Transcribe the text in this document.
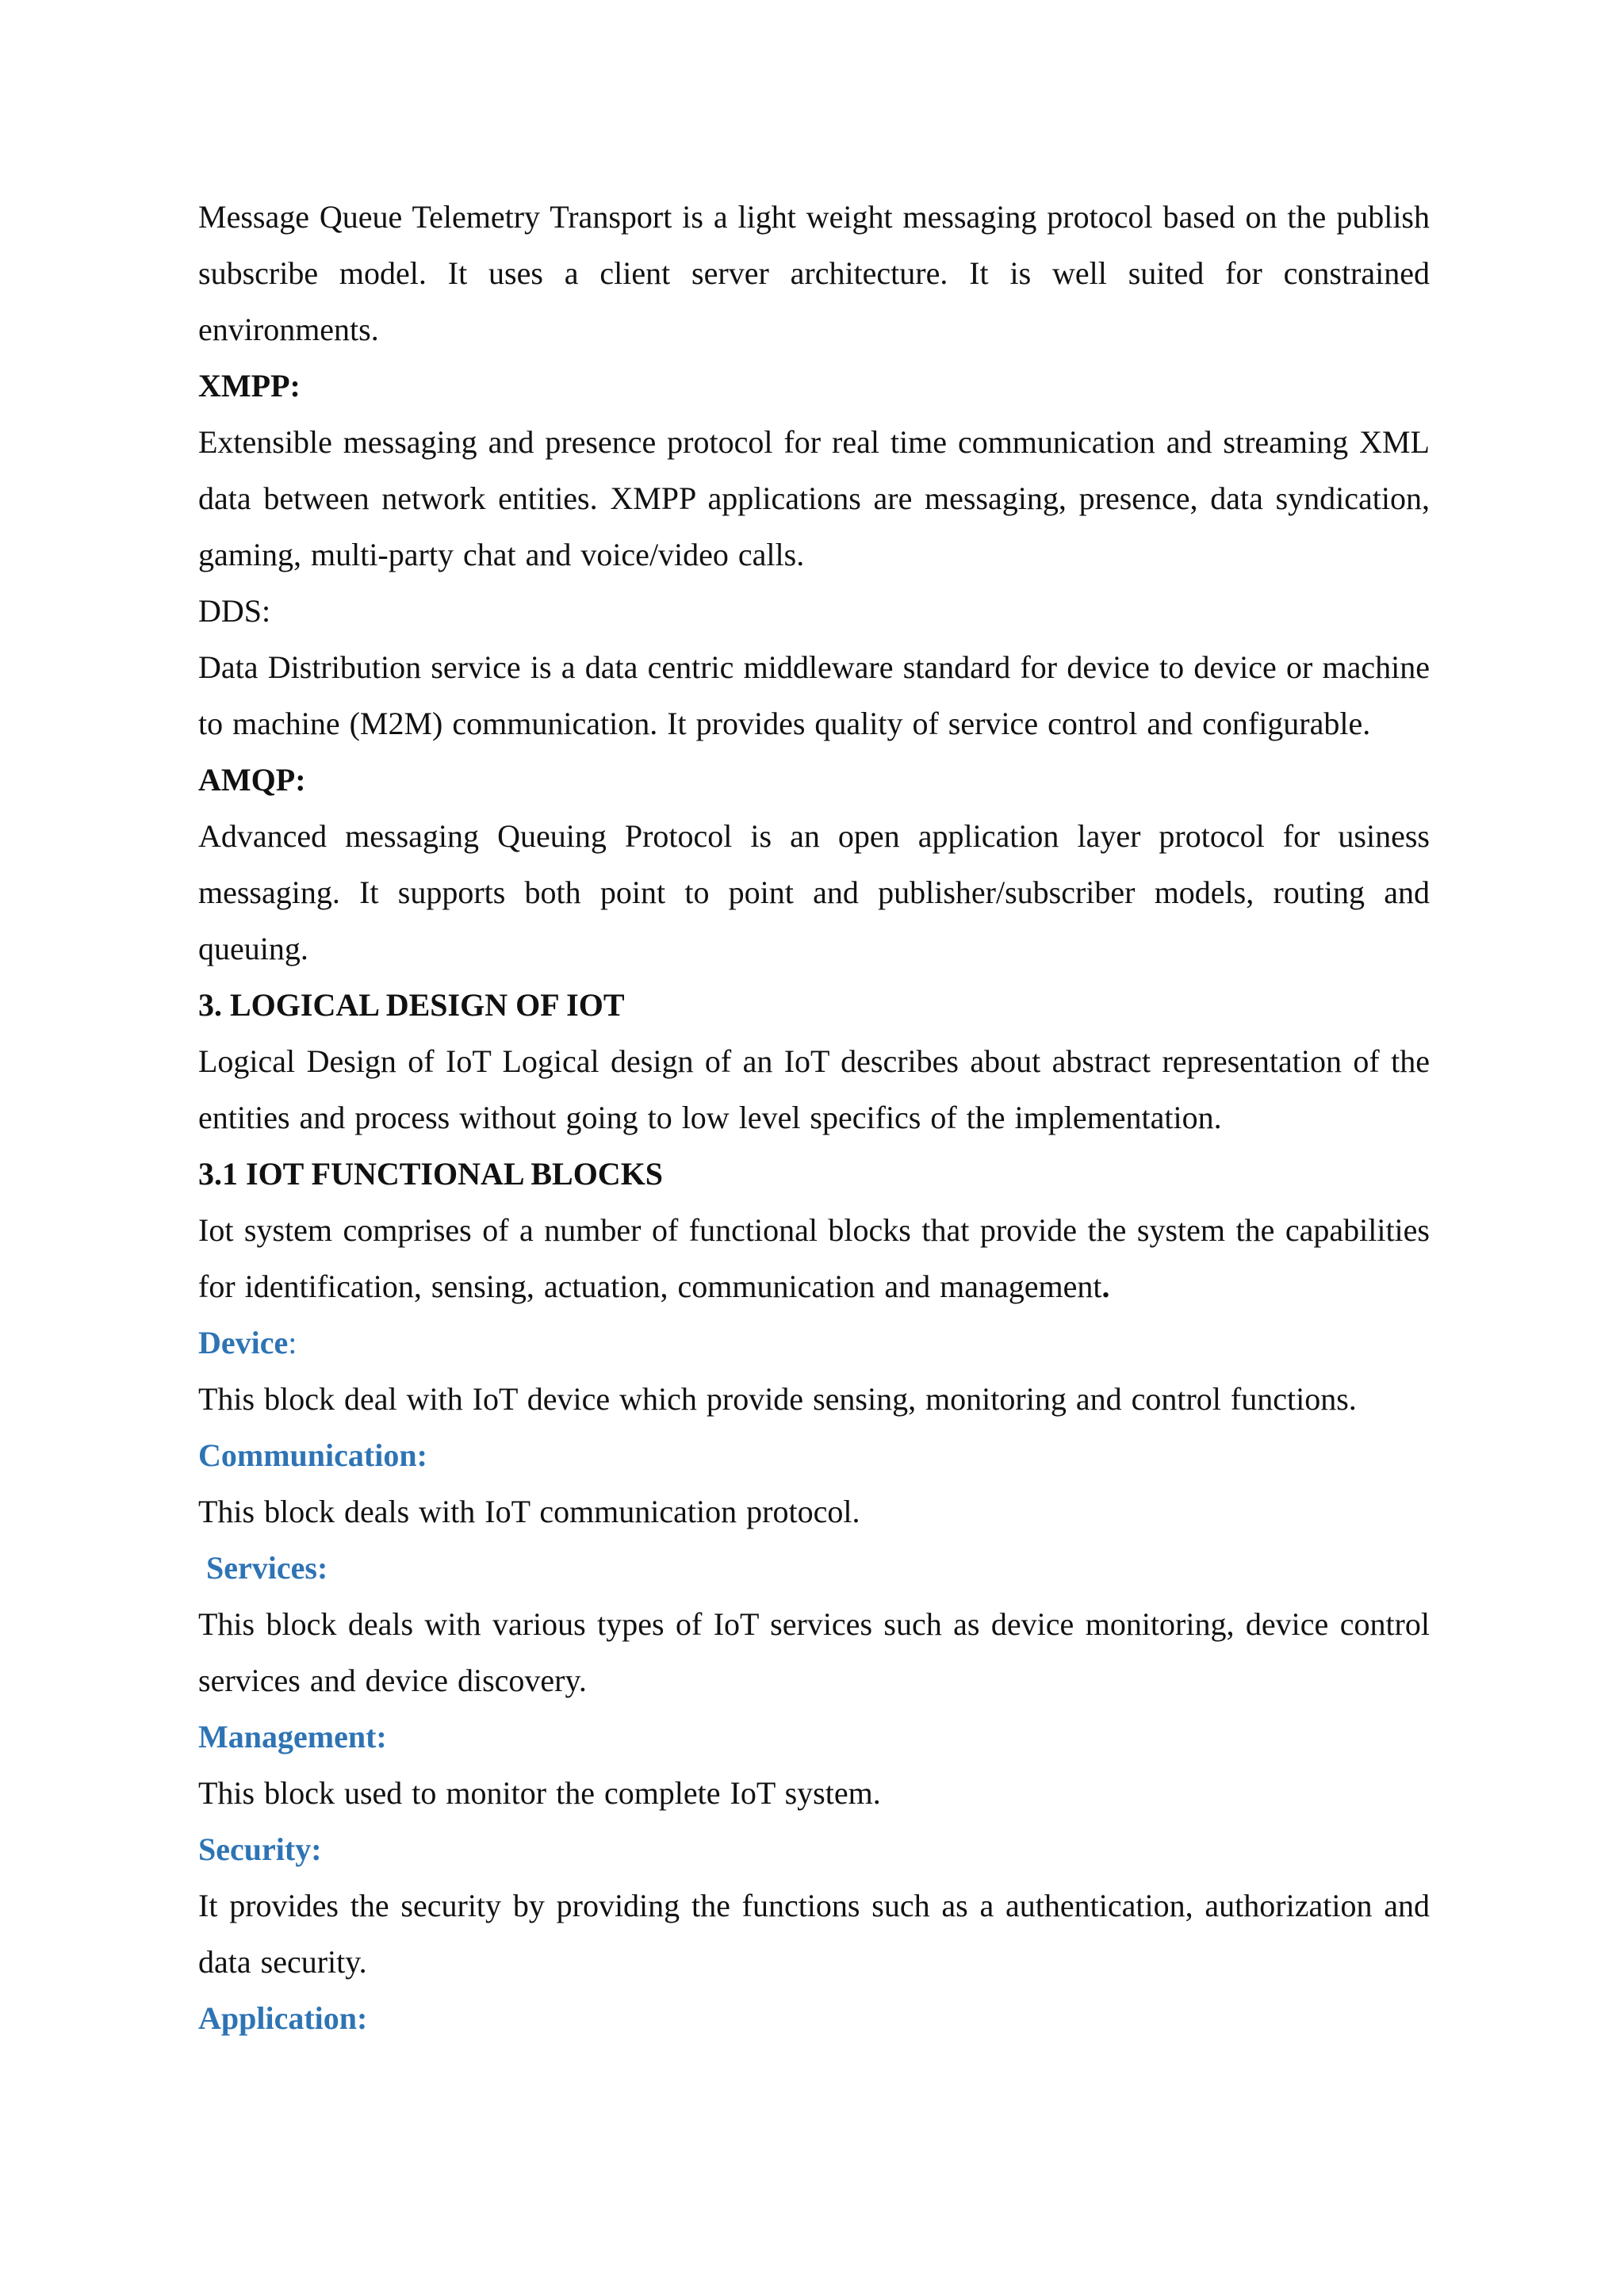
Message Queue Telemetry Transport is a light weight messaging protocol based on the publish subscribe model. It uses a client server architecture. It is well suited for constrained environments.

XMPP:

Extensible messaging and presence protocol for real time communication and streaming XML data between network entities. XMPP applications are messaging, presence, data syndication, gaming, multi-party chat and voice/video calls.

DDS:

Data Distribution service is a data centric middleware standard for device to device or machine to machine (M2M) communication. It provides quality of service control and configurable.

AMQP:

Advanced messaging Queuing Protocol is an open application layer protocol for usiness messaging. It supports both point to point and publisher/subscriber models, routing and queuing.

3. LOGICAL DESIGN OF IOT

Logical Design of IoT Logical design of an IoT describes about abstract representation of the entities and process without going to low level specifics of the implementation.

3.1 IOT FUNCTIONAL BLOCKS

Iot system comprises of a number of functional blocks that provide the system the capabilities for identification, sensing, actuation, communication and management.

Device:

This block deal with IoT device which provide sensing, monitoring and control functions.

Communication:

This block deals with IoT communication protocol.

Services:

This block deals with various types of IoT services such as device monitoring, device control services and device discovery.

Management:

This block used to monitor the complete IoT system.

Security:

It provides the security by providing the functions such as a authentication, authorization and data security.

Application:
